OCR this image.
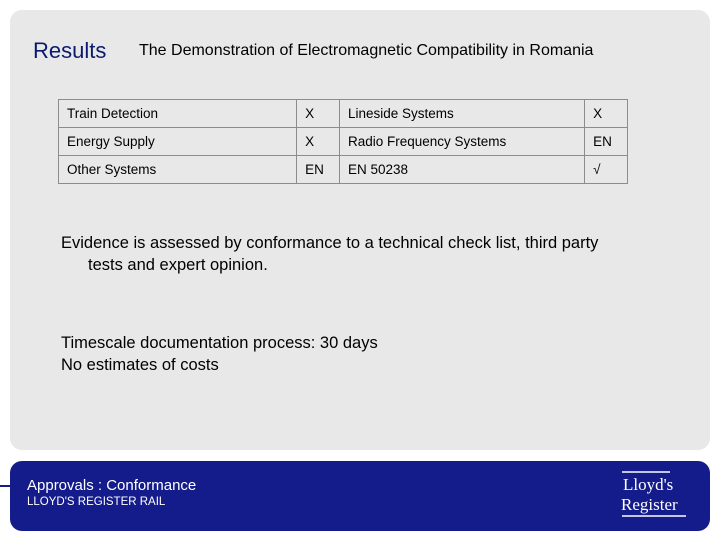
Results The Demonstration of Electromagnetic Compatibility in Romania
Train Detection	X	Lineside Systems	X
Energy Supply	X	Radio Frequency Systems	EN
Other Systems	EN	EN 50238	√
Evidence is assessed by conformance to a technical check list, third party
tests and expert opinion.
Timescale documentation process: 30 days
No estimates of costs
Approvals : Conformance
LLOYD'S REGISTER RAIL
Lloyd's
Register
